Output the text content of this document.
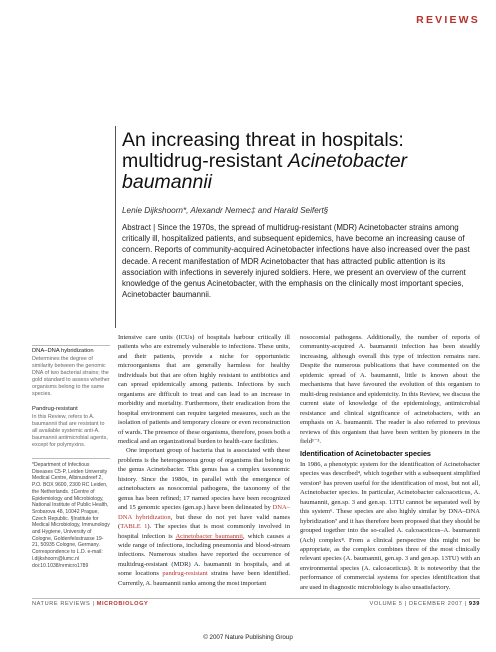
REVIEWS
An increasing threat in hospitals:
multidrug-resistant Acinetobacter
baumannii
Lenie Dijkshoorn*, Alexandr Nemec‡ and Harald Seifert§
Abstract | Since the 1970s, the spread of multidrug-resistant (MDR) Acinetobacter strains among critically ill, hospitalized patients, and subsequent epidemics, have become an increasing cause of concern. Reports of community-acquired Acinetobacter infections have also increased over the past decade. A recent manifestation of MDR Acinetobacter that has attracted public attention is its association with infections in severely injured soldiers. Here, we present an overview of the current knowledge of the genus Acinetobacter, with the emphasis on the clinically most important species, Acinetobacter baumannii.
DNA–DNA hybridization
Determines the degree of similarity between the genomic DNA of two bacterial strains; the gold standard to assess whether organisms belong to the same species.
Pandrug-resistant
In this Review, refers to A. baumannii that are resistant to all available systemic anti-A. baumannii antimicrobial agents, except for polymyxins.
*Department of Infectious Diseases C5-P, Leiden University Medical Centre, Albinusdreef 2, P.O. BOX 9600, 2300 RC Leiden, the Netherlands. ‡Centre of Epidemiology and Microbiology, National Institute of Public Health, Srobarova 48, 10042 Prague, Czech Republic. §Institute for Medical Microbiology, Immunology and Hygiene, University of Cologne, Goldenfelsstrasse 19-21, 50935 Cologne, Germany. Correspondence to L.D. e-mail: l.dijkshoorn@lumc.nl doi:10.1038/nrmicro1789

Intensive care units (ICUs) of hospitals harbour critically ill patients who are extremely vulnerable to infections. These units, and their patients, provide a niche for opportunistic microorganisms that are generally harmless for healthy individuals but that are often highly resistant to antibiotics and can spread epidemically among patients. Infections by such organisms are difficult to treat and can lead to an increase in morbidity and mortality. Furthermore, their eradication from the hospital environment can require targeted measures, such as the isolation of patients and temporary closure or even reconstruction of wards. The presence of these organisms, therefore, poses both a medical and an organizational burden to health-care facilities.

One important group of bacteria that is associated with these problems is the heterogeneous group of organisms that belong to the genus Acinetobacter. This genus has a complex taxonomic history. Since the 1980s, in parallel with the emergence of acinetobacters as nosocomial pathogens, the taxonomy of the genus has been refined; 17 named species have been recognized and 15 genomic species (gen.sp.) have been delineated by DNA–DNA hybridization, but these do not yet have valid names (TABLE 1). The species that is most commonly involved in hospital infection is Acinetobacter baumannii, which causes a wide range of infections, including pneumonia and blood-stream infections. Numerous studies have reported the occurrence of multidrug-resistant (MDR) A. baumannii in hospitals, and at some locations pandrug-resistant strains have been identified. Currently, A. baumannii ranks among the most important

nosocomial pathogens. Additionally, the number of reports of community-acquired A. baumannii infection has been steadily increasing, although overall this type of infection remains rare. Despite the numerous publications that have commented on the epidemic spread of A. baumannii, little is known about the mechanisms that have favoured the evolution of this organism to multi-drug resistance and epidemicity. In this Review, we discuss the current state of knowledge of the epidemiology, antimicrobial resistance and clinical significance of acinetobacters, with an emphasis on A. baumannii. The reader is also referred to previous reviews of this organism that have been written by pioneers in the field¹⁻³.

Identification of Acinetobacter species

In 1986, a phenotypic system for the identification of Acinetobacter species was described⁴, which together with a subsequent simplified version⁵ has proven useful for the identification of most, but not all, Acinetobacter species. In particular, Acinetobacter calcoaceticus, A. baumannii, gen.sp. 3 and gen.sp. 13TU cannot be separated well by this system⁶. These species are also highly similar by DNA–DNA hybridization⁷ and it has therefore been proposed that they should be grouped together into the so-called A. calcoaceticus–A. baumannii (Acb) complex⁸. From a clinical perspective this might not be appropriate, as the complex combines three of the most clinically relevant species (A. baumannii, gen.sp. 3 and gen.sp. 13TU) with an environmental species (A. calcoaceticus). It is noteworthy that the performance of commercial systems for species identification that are used in diagnostic microbiology is also unsatisfactory.

NATURE REVIEWS | MICROBIOLOGY	VOLUME 5 | DECEMBER 2007 | 939
© 2007 Nature Publishing Group
